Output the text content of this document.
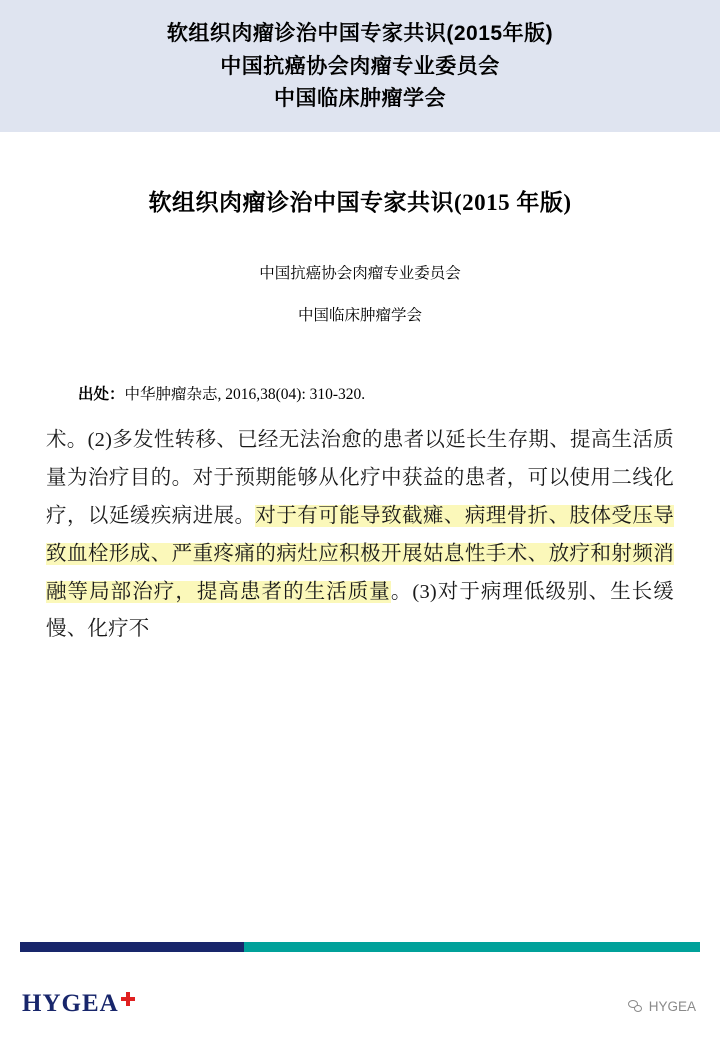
软组织肉瘤诊治中国专家共识(2015年版)
中国抗癌协会肉瘤专业委员会
中国临床肿瘤学会
软组织肉瘤诊治中国专家共识(2015 年版)
中国抗癌协会肉瘤专业委员会
中国临床肿瘤学会
出处：中华肿瘤杂志, 2016,38(04): 310-320.
术。(2)多发性转移、已经无法治愈的患者以延长生存期、提高生活质量为治疗目的。对于预期能够从化疗中获益的患者，可以使用二线化疗，以延缓疾病进展。对于有可能导致截瘫、病理骨折、肢体受压导致血栓形成、严重疼痛的病灶应积极开展姑息性手术、放疗和射频消融等局部治疗，提高患者的生活质量。(3)对于病理低级别、生长缓慢、化疗不
HYGEA	HYGEA
